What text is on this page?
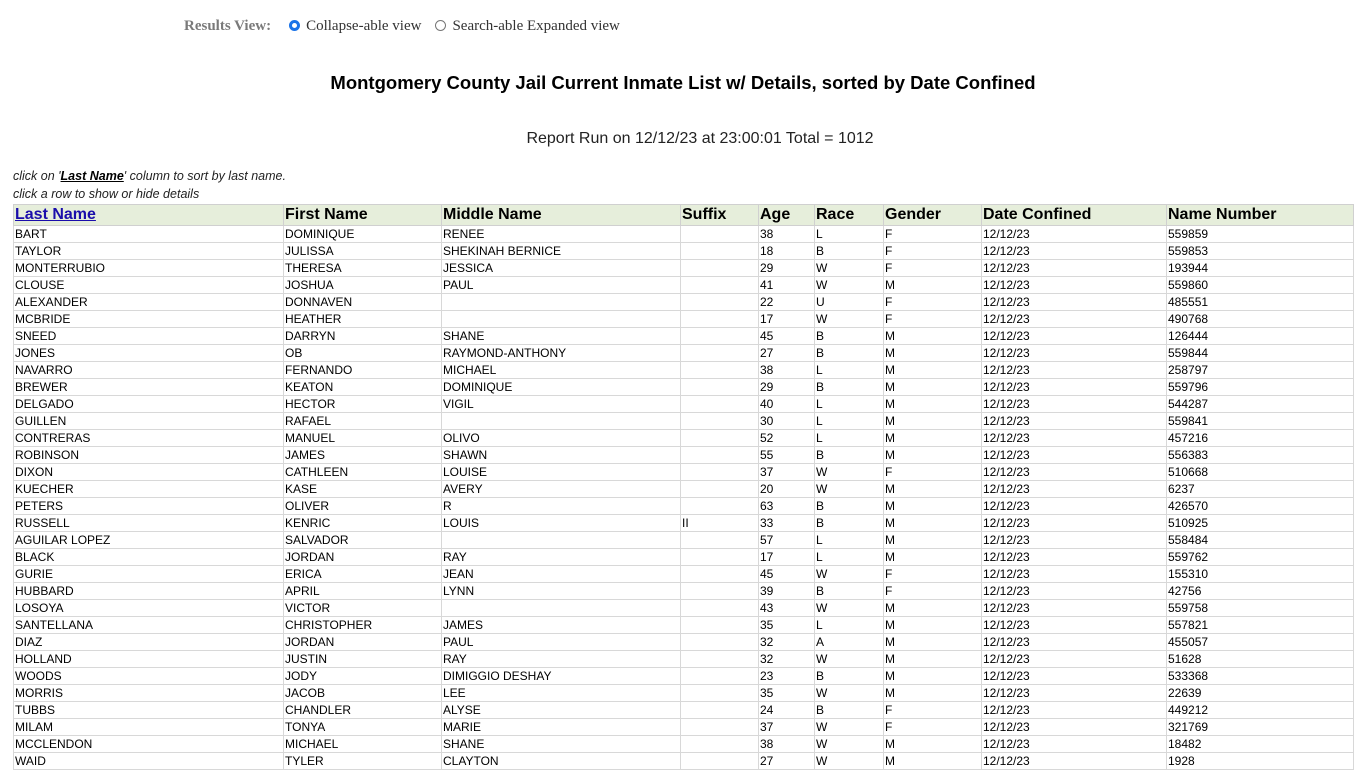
Results View: Collapse-able view Search-able Expanded view
Montgomery County Jail Current Inmate List w/ Details, sorted by Date Confined
Report Run on 12/12/23 at 23:00:01 Total = 1012
click on 'Last Name' column to sort by last name.
click a row to show or hide details
Last Name	First Name	Middle Name	Suffix	Age	Race	Gender	Date Confined	Name Number
BART	DOMINIQUE	RENEE		38	L	F	12/12/23	559859
TAYLOR	JULISSA	SHEKINAH BERNICE		18	B	F	12/12/23	559853
MONTERRUBIO	THERESA	JESSICA		29	W	F	12/12/23	193944
CLOUSE	JOSHUA	PAUL		41	W	M	12/12/23	559860
ALEXANDER	DONNAVEN			22	U	F	12/12/23	485551
MCBRIDE	HEATHER			17	W	F	12/12/23	490768
SNEED	DARRYN	SHANE		45	B	M	12/12/23	126444
JONES	OB	RAYMOND-ANTHONY		27	B	M	12/12/23	559844
NAVARRO	FERNANDO	MICHAEL		38	L	M	12/12/23	258797
BREWER	KEATON	DOMINIQUE		29	B	M	12/12/23	559796
DELGADO	HECTOR	VIGIL		40	L	M	12/12/23	544287
GUILLEN	RAFAEL			30	L	M	12/12/23	559841
CONTRERAS	MANUEL	OLIVO		52	L	M	12/12/23	457216
ROBINSON	JAMES	SHAWN		55	B	M	12/12/23	556383
DIXON	CATHLEEN	LOUISE		37	W	F	12/12/23	510668
KUECHER	KASE	AVERY		20	W	M	12/12/23	6237
PETERS	OLIVER	R		63	B	M	12/12/23	426570
RUSSELL	KENRIC	LOUIS	II	33	B	M	12/12/23	510925
AGUILAR LOPEZ	SALVADOR			57	L	M	12/12/23	558484
BLACK	JORDAN	RAY		17	L	M	12/12/23	559762
GURIE	ERICA	JEAN		45	W	F	12/12/23	155310
HUBBARD	APRIL	LYNN		39	B	F	12/12/23	42756
LOSOYA	VICTOR			43	W	M	12/12/23	559758
SANTELLANA	CHRISTOPHER	JAMES		35	L	M	12/12/23	557821
DIAZ	JORDAN	PAUL		32	A	M	12/12/23	455057
HOLLAND	JUSTIN	RAY		32	W	M	12/12/23	51628
WOODS	JODY	DIMIGGIO DESHAY		23	B	M	12/12/23	533368
MORRIS	JACOB	LEE		35	W	M	12/12/23	22639
TUBBS	CHANDLER	ALYSE		24	B	F	12/12/23	449212
MILAM	TONYA	MARIE		37	W	F	12/12/23	321769
MCCLENDON	MICHAEL	SHANE		38	W	M	12/12/23	18482
WAID	TYLER	CLAYTON		27	W	M	12/12/23	1928
